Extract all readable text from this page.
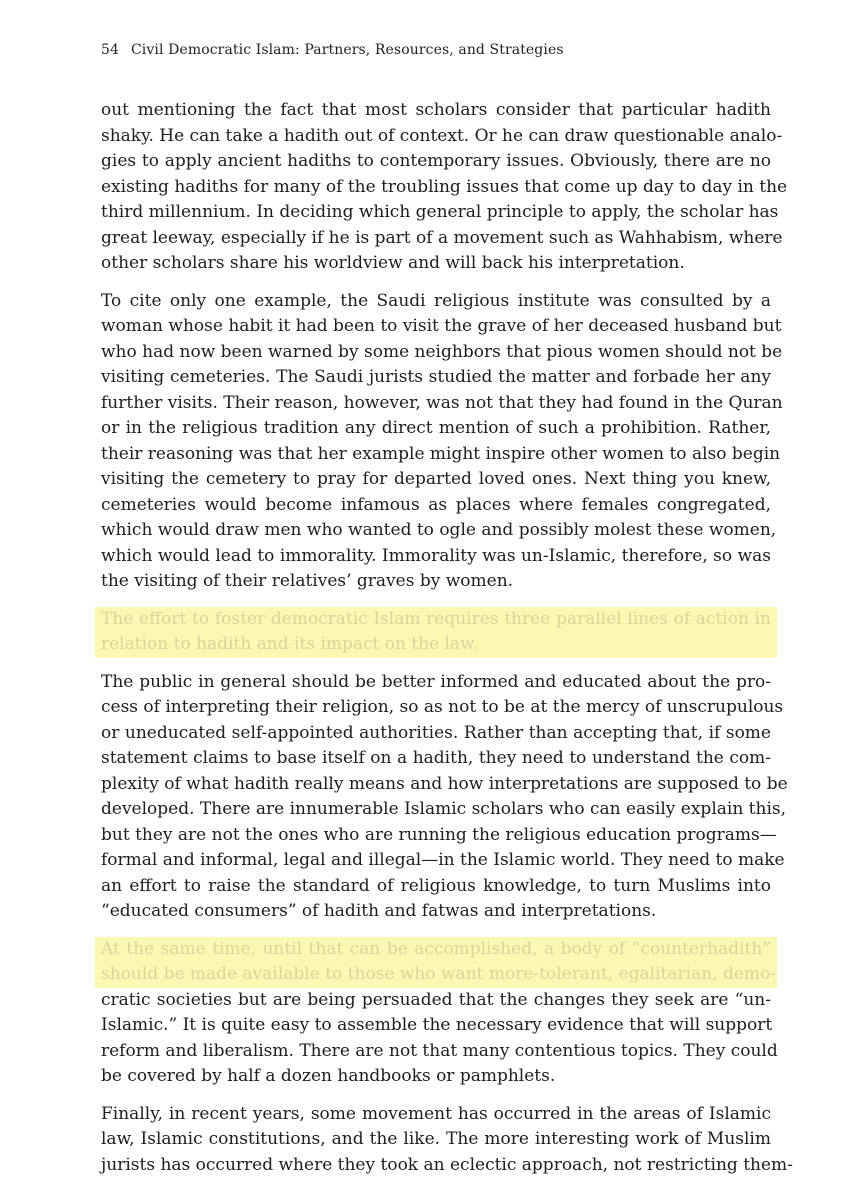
54 Civil Democratic Islam: Partners, Resources, and Strategies

out mentioning the fact that most scholars consider that particular hadith
shaky. He can take a hadith out of context. Or he can draw questionable analo-
gies to apply ancient hadiths to contemporary issues. Obviously, there are no
existing hadiths for many of the troubling issues that come up day to day in the
third millennium. In deciding which general principle to apply, the scholar has
great leeway, especially if he is part of a movement such as Wahhabism, where
other scholars share his worldview and will back his interpretation.

To cite only one example, the Saudi religious institute was consulted by a
woman whose habit it had been to visit the grave of her deceased husband but
who had now been warned by some neighbors that pious women should not be
visiting cemeteries. The Saudi jurists studied the matter and forbade her any
further visits. Their reason, however, was not that they had found in the Quran
or in the religious tradition any direct mention of such a prohibition. Rather,
their reasoning was that her example might inspire other women to also begin
visiting the cemetery to pray for departed loved ones. Next thing you knew,
cemeteries would become infamous as places where females congregated,
which would draw men who wanted to ogle and possibly molest these women,
which would lead to immorality. Immorality was un-Islamic, therefore, so was
the visiting of their relatives’ graves by women.

The effort to foster democratic Islam requires three parallel lines of action in
relation to hadith and its impact on the law.

The public in general should be better informed and educated about the pro-
cess of interpreting their religion, so as not to be at the mercy of unscrupulous
or uneducated self-appointed authorities. Rather than accepting that, if some
statement claims to base itself on a hadith, they need to understand the com-
plexity of what hadith really means and how interpretations are supposed to be
developed. There are innumerable Islamic scholars who can easily explain this,
but they are not the ones who are running the religious education programs—
formal and informal, legal and illegal—in the Islamic world. They need to make
an effort to raise the standard of religious knowledge, to turn Muslims into
“educated consumers” of hadith and fatwas and interpretations.

At the same time, until that can be accomplished, a body of “counterhadith”
should be made available to those who want more-tolerant, egalitarian, demo-
cratic societies but are being persuaded that the changes they seek are “un-
Islamic.” It is quite easy to assemble the necessary evidence that will support
reform and liberalism. There are not that many contentious topics. They could
be covered by half a dozen handbooks or pamphlets.

Finally, in recent years, some movement has occurred in the areas of Islamic
law, Islamic constitutions, and the like. The more interesting work of Muslim
jurists has occurred where they took an eclectic approach, not restricting them-
